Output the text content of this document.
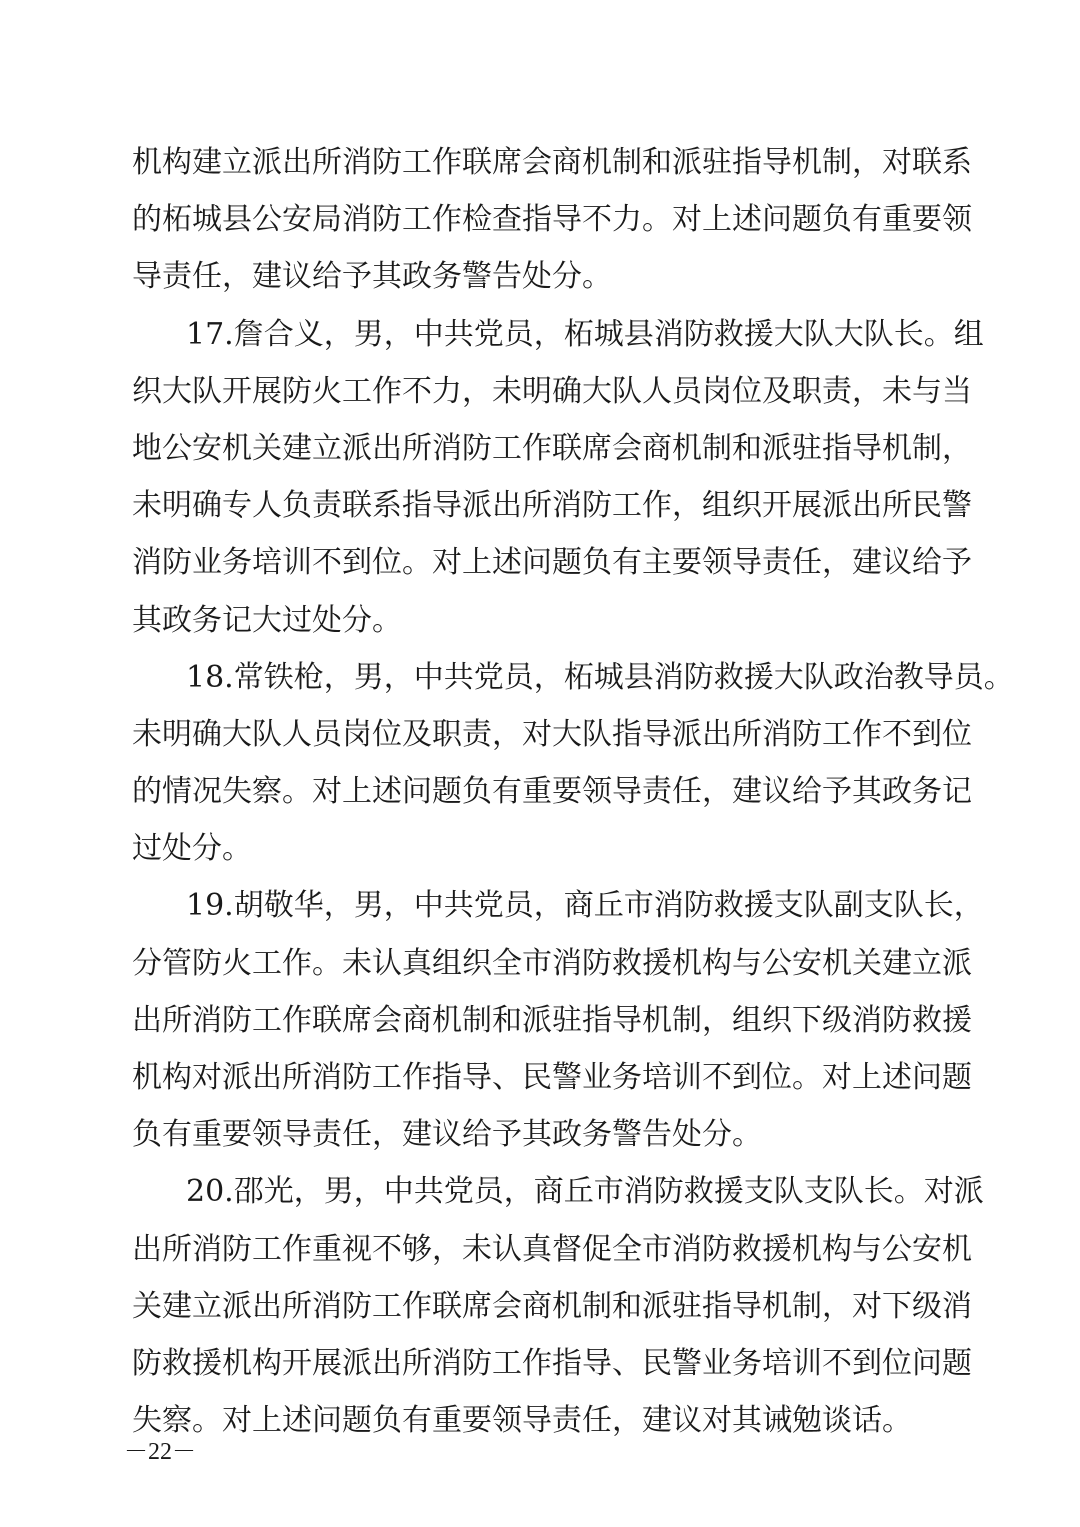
机构建立派出所消防工作联席会商机制和派驻指导机制，对联系
的柘城县公安局消防工作检查指导不力。对上述问题负有重要领
导责任，建议给予其政务警告处分。
17.詹合义，男，中共党员，柘城县消防救援大队大队长。组
织大队开展防火工作不力，未明确大队人员岗位及职责，未与当
地公安机关建立派出所消防工作联席会商机制和派驻指导机制，
未明确专人负责联系指导派出所消防工作，组织开展派出所民警
消防业务培训不到位。对上述问题负有主要领导责任，建议给予
其政务记大过处分。
18.常铁枪，男，中共党员，柘城县消防救援大队政治教导员。
未明确大队人员岗位及职责，对大队指导派出所消防工作不到位
的情况失察。对上述问题负有重要领导责任，建议给予其政务记
过处分。
19.胡敬华，男，中共党员，商丘市消防救援支队副支队长，
分管防火工作。未认真组织全市消防救援机构与公安机关建立派
出所消防工作联席会商机制和派驻指导机制，组织下级消防救援
机构对派出所消防工作指导、民警业务培训不到位。对上述问题
负有重要领导责任，建议给予其政务警告处分。
20.邵光，男，中共党员，商丘市消防救援支队支队长。对派
出所消防工作重视不够，未认真督促全市消防救援机构与公安机
关建立派出所消防工作联席会商机制和派驻指导机制，对下级消
防救援机构开展派出所消防工作指导、民警业务培训不到位问题
失察。对上述问题负有重要领导责任，建议对其诫勉谈话。
－22－
